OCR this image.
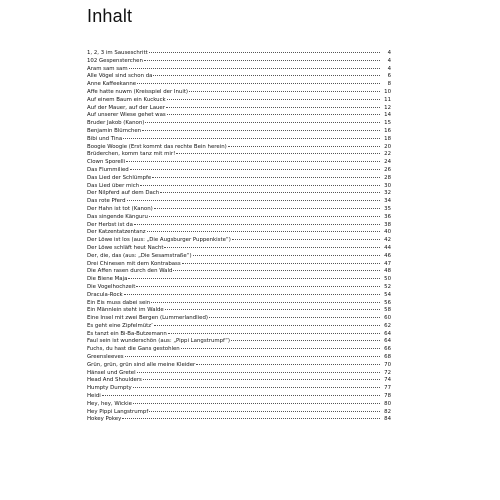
Inhalt
1, 2, 3 im Sauseschritt	4
102 Gespensterchen	4
Aram sam sam	4
Alle Vögel sind schon da	6
Anne Kaffeekanne	8
Affe hatte nuwm (Kreisspiel der Inuit)	10
Auf einem Baum ein Kuckuck	11
Auf der Mauer, auf der Lauer	12
Auf unserer Wiese gehet was	14
Bruder Jakob (Kanon)	15
Benjamin Blümchen	16
Bibi und Tina	18
Boogie Woogie (Erst kommt das rechte Bein herein)	20
Brüderchen, komm tanz mit mir!	22
Clown Sporelli	24
Das Flummilied	26
Das Lied der Schlümpfe	28
Das Lied über mich	30
Der Nilpferd auf dem Dach	32
Das rote Pferd	34
Der Hahn ist tot (Kanon)	35
Das singende Känguru	36
Der Herbst ist da	38
Der Katzentatzentanz	40
Der Löwe ist los (aus: „Die Augsburger Puppenkiste“)	42
Der Löwe schläft heut Nacht	44
Der, die, das (aus: „Die Sesamstraße“)	46
Drei Chinesen mit dem Kontrabass	47
Die Affen rasen durch den Wald	48
Die Biene Maja	50
Die Vogelhochzeit	52
Dracula-Rock	54
Ein Eis muss dabei sein	56
Ein Männlein steht im Walde	58
Eine Insel mit zwei Bergen (Lummerlandlied)	60
Es geht eine Zipfelmütz’	62
Es tanzt ein Bi-Ba-Butzemann	64
Faul sein ist wunderschön (aus: „Pippi Langstrumpf“)	64
Fuchs, du hast die Gans gestohlen	66
Greensleeves	68
Grün, grün, grün sind alle meine Kleider	70
Hänsel und Gretel	72
Head And Shoulders	74
Humpty Dumpty	77
Heidi	78
Hey, hey, Wickie	80
Hey Pippi Langstrumpf	82
Hokey Pokey	84
